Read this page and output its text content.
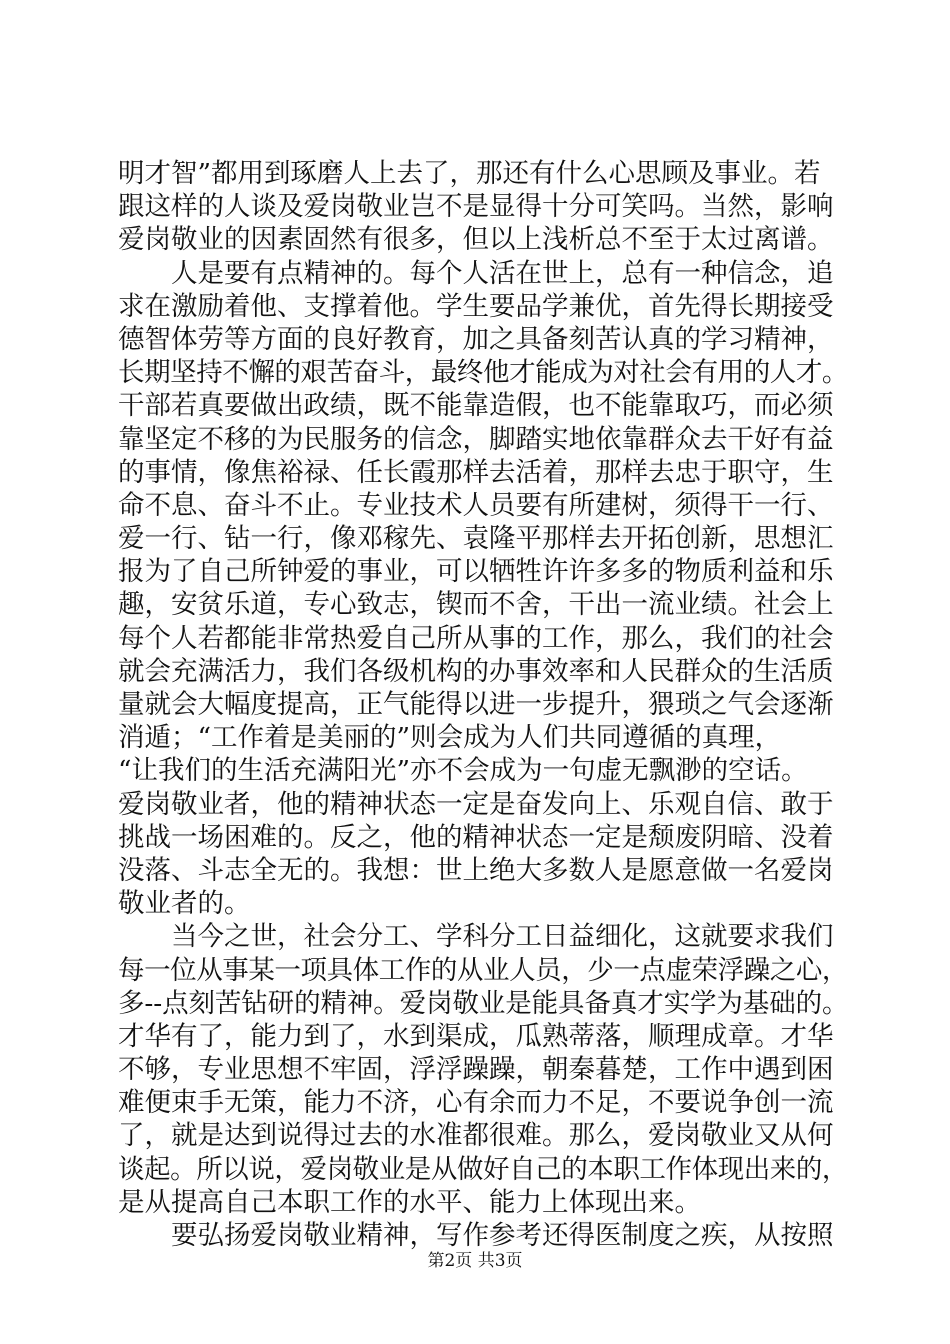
明才智”都用到琢磨人上去了，那还有什么心思顾及事业。若
跟这样的人谈及爱岗敬业岂不是显得十分可笑吗。当然，影响
爱岗敬业的因素固然有很多，但以上浅析总不至于太过离谱。
人是要有点精神的。每个人活在世上，总有一种信念，追
求在激励着他、支撑着他。学生要品学兼优，首先得长期接受
德智体劳等方面的良好教育，加之具备刻苦认真的学习精神，
长期坚持不懈的艰苦奋斗，最终他才能成为对社会有用的人才。
干部若真要做出政绩，既不能靠造假，也不能靠取巧，而必须
靠坚定不移的为民服务的信念，脚踏实地依靠群众去干好有益
的事情，像焦裕禄、任长霞那样去活着，那样去忠于职守，生
命不息、奋斗不止。专业技术人员要有所建树，须得干一行、
爱一行、钻一行，像邓稼先、袁隆平那样去开拓创新，思想汇
报为了自己所钟爱的事业，可以牺牲许许多多的物质利益和乐
趣，安贫乐道，专心致志，锲而不舍，干出一流业绩。社会上
每个人若都能非常热爱自己所从事的工作，那么，我们的社会
就会充满活力，我们各级机构的办事效率和人民群众的生活质
量就会大幅度提高，正气能得以进一步提升，猥琐之气会逐渐
消遁；“工作着是美丽的”则会成为人们共同遵循的真理，
“让我们的生活充满阳光”亦不会成为一句虚无飘渺的空话。
爱岗敬业者，他的精神状态一定是奋发向上、乐观自信、敢于
挑战一场困难的。反之，他的精神状态一定是颓废阴暗、没着
没落、斗志全无的。我想：世上绝大多数人是愿意做一名爱岗
敬业者的。
当今之世，社会分工、学科分工日益细化，这就要求我们
每一位从事某一项具体工作的从业人员，少一点虚荣浮躁之心，
多--点刻苦钻研的精神。爱岗敬业是能具备真才实学为基础的。
才华有了，能力到了，水到渠成，瓜熟蒂落，顺理成章。才华
不够，专业思想不牢固，浮浮躁躁，朝秦暮楚，工作中遇到困
难便束手无策，能力不济，心有余而力不足，不要说争创一流
了，就是达到说得过去的水准都很难。那么，爱岗敬业又从何
谈起。所以说，爱岗敬业是从做好自己的本职工作体现出来的，
是从提高自己本职工作的水平、能力上体现出来。
要弘扬爱岗敬业精神，写作参考还得医制度之疾，从按照
第2页 共3页
